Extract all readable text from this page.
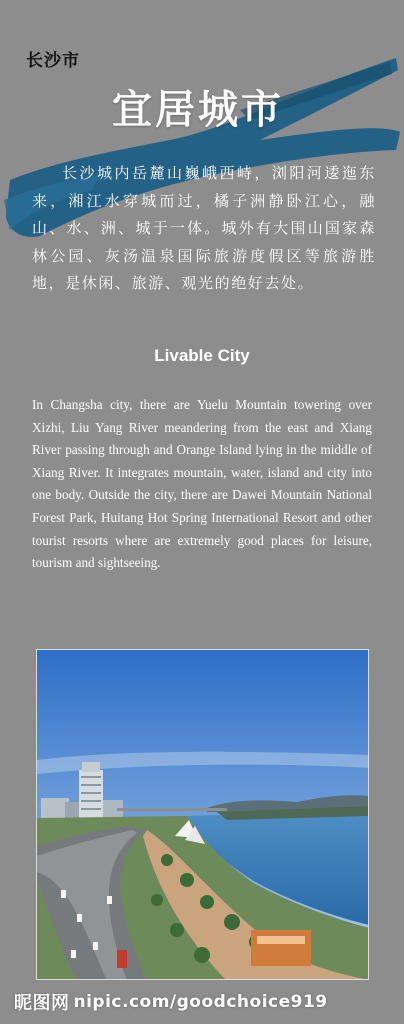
长沙市
宜居城市

长沙城内岳麓山巍峨西峙，浏阳河逶迤东来，湘江水穿城而过，橘子洲静卧江心，融山、水、洲、城于一体。城外有大围山国家森林公园、灰汤温泉国际旅游度假区等旅游胜地，是休闲、旅游、观光的绝好去处。

Livable City

In Changsha city, there are Yuelu Mountain towering over Xizhi, Liu Yang River meandering from the east and Xiang River passing through and Orange Island lying in the middle of Xiang River. It integrates mountain, water, island and city into one body. Outside the city, there are Dawei Mountain National Forest Park, Huitang Hot Spring International Resort and other tourist resorts where are extremely good places for leisure, tourism and sightseeing.

昵图网 nipic.com/goodchoice919
